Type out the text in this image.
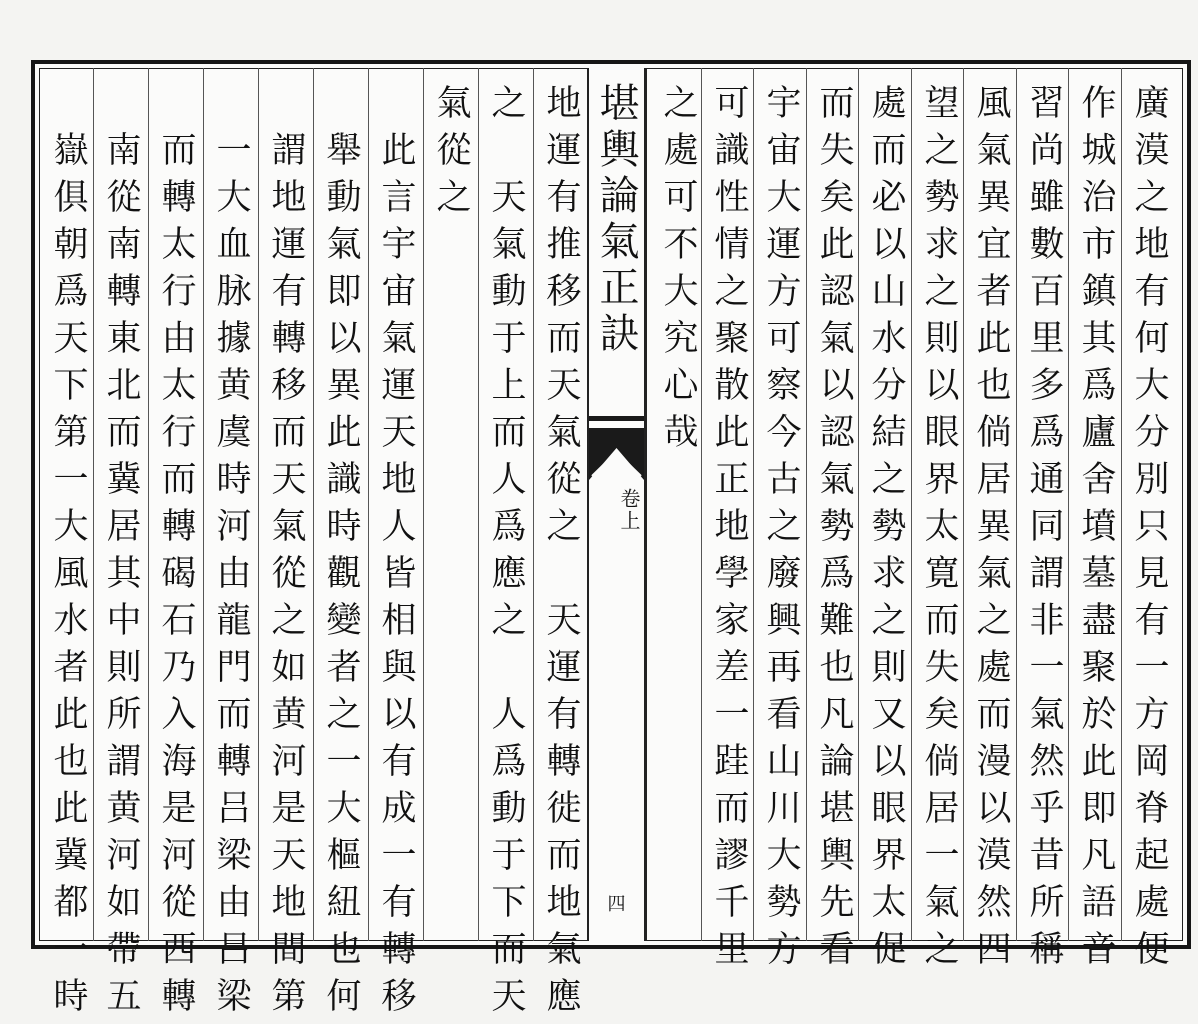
堪輿論氣正訣
卷上
四	廣漠之地有何大分別只見有一方岡脊起處便
作城治市鎮其爲廬舍墳墓盡聚於此即凡語音
習尚雖數百里多爲通同謂非一氣然乎昔所稱
風氣異宜者此也倘居異氣之處而漫以漠然四
望之勢求之則以眼界太寛而失矣倘居一氣之
處而必以山水分結之勢求之則又以眼界太促
而失矣此認氣以認氣勢爲難也凡論堪輿先看
宇宙大運方可察今古之廢興再看山川大勢方
可識性情之聚散此正地學家差一跬而謬千里
之處可不大究心哉
地運有推移而天氣從之　天運有轉徙而地氣應
之　天氣動于上而人爲應之　人爲動于下而天
氣從之
　此言宇宙氣運天地人皆相與以有成一有轉移
　舉動氣即以異此識時觀變者之一大樞紐也何
　謂地運有轉移而天氣從之如黄河是天地間第
　一大血脉據黄虞時河由龍門而轉吕梁由吕梁
　而轉太行由太行而轉碣石乃入海是河從西轉
　南從南轉東北而冀居其中則所謂黄河如帶五
　嶽俱朝爲天下第一大風水者此也此冀都一時
